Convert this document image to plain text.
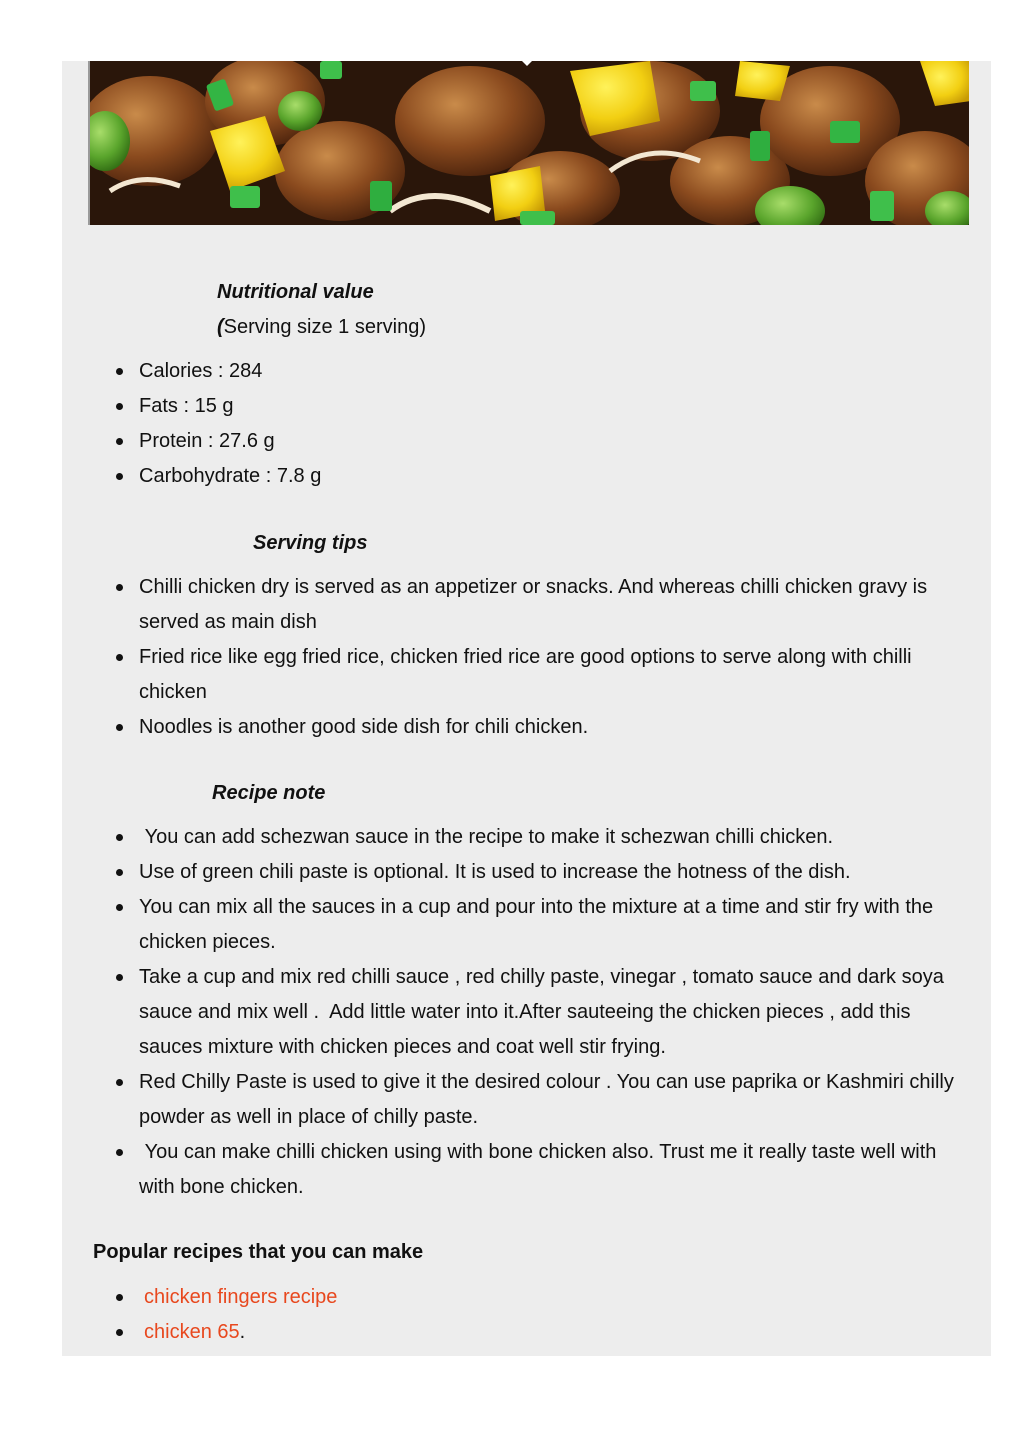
Nutritional value
(Serving size 1 serving)
Calories : 284
Fats : 15 g
Protein : 27.6 g
Carbohydrate : 7.8 g
Serving tips
Chilli chicken dry is served as an appetizer or snacks. And whereas chilli chicken gravy is served as main dish
Fried rice like egg fried rice, chicken fried rice are good options to serve along with chilli chicken
Noodles is another good side dish for chili chicken.
Recipe note
You can add schezwan sauce in the recipe to make it schezwan chilli chicken.
Use of green chili paste is optional. It is used to increase the hotness of the dish.
You can mix all the sauces in a cup and pour into the mixture at a time and stir fry with the chicken pieces.
Take a cup and mix red chilli sauce , red chilly paste, vinegar , tomato sauce and dark soya sauce and mix well .  Add little water into it.After sauteeing the chicken pieces , add this sauces mixture with chicken pieces and coat well stir frying.
Red Chilly Paste is used to give it the desired colour . You can use paprika or Kashmiri chilly powder as well in place of chilly paste.
You can make chilli chicken using with bone chicken also. Trust me it really taste well with with bone chicken.
Popular recipes that you can make
chicken fingers recipe
chicken 65.
